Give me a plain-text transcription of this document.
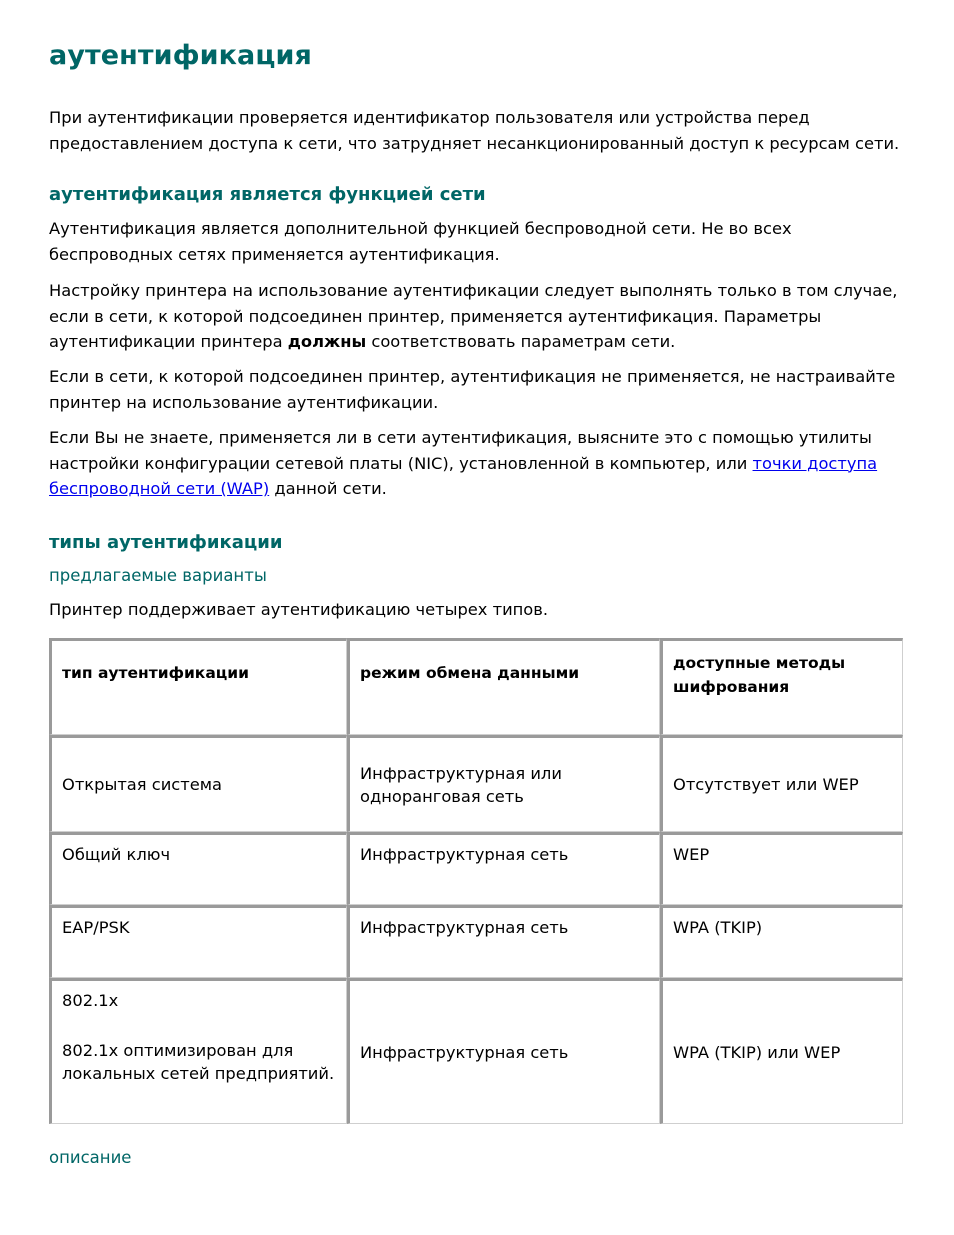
аутентификация

При аутентификации проверяется идентификатор пользователя или устройства перед предоставлением доступа к сети, что затрудняет несанкционированный доступ к ресурсам сети.

аутентификация является функцией сети

Аутентификация является дополнительной функцией беспроводной сети. Не во всех беспроводных сетях применяется аутентификация.

Настройку принтера на использование аутентификации следует выполнять только в том случае, если в сети, к которой подсоединен принтер, применяется аутентификация. Параметры аутентификации принтера должны соответствовать параметрам сети.

Если в сети, к которой подсоединен принтер, аутентификация не применяется, не настраивайте принтер на использование аутентификации.

Если Вы не знаете, применяется ли в сети аутентификация, выясните это с помощью утилиты настройки конфигурации сетевой платы (NIC), установленной в компьютер, или точки доступа беспроводной сети (WAP) данной сети.

типы аутентификации
предлагаемые варианты

Принтер поддерживает аутентификацию четырех типов.

тип аутентификации	режим обмена данными	доступные методы шифрования
Открытая система	Инфраструктурная или одноранговая сеть	Отсутствует или WEP
Общий ключ	Инфраструктурная сеть	WEP
EAP/PSK	Инфраструктурная сеть	WPA (TKIP)
802.1x
802.1x оптимизирован для локальных сетей предприятий.	Инфраструктурная сеть	WPA (TKIP) или WEP
описание
